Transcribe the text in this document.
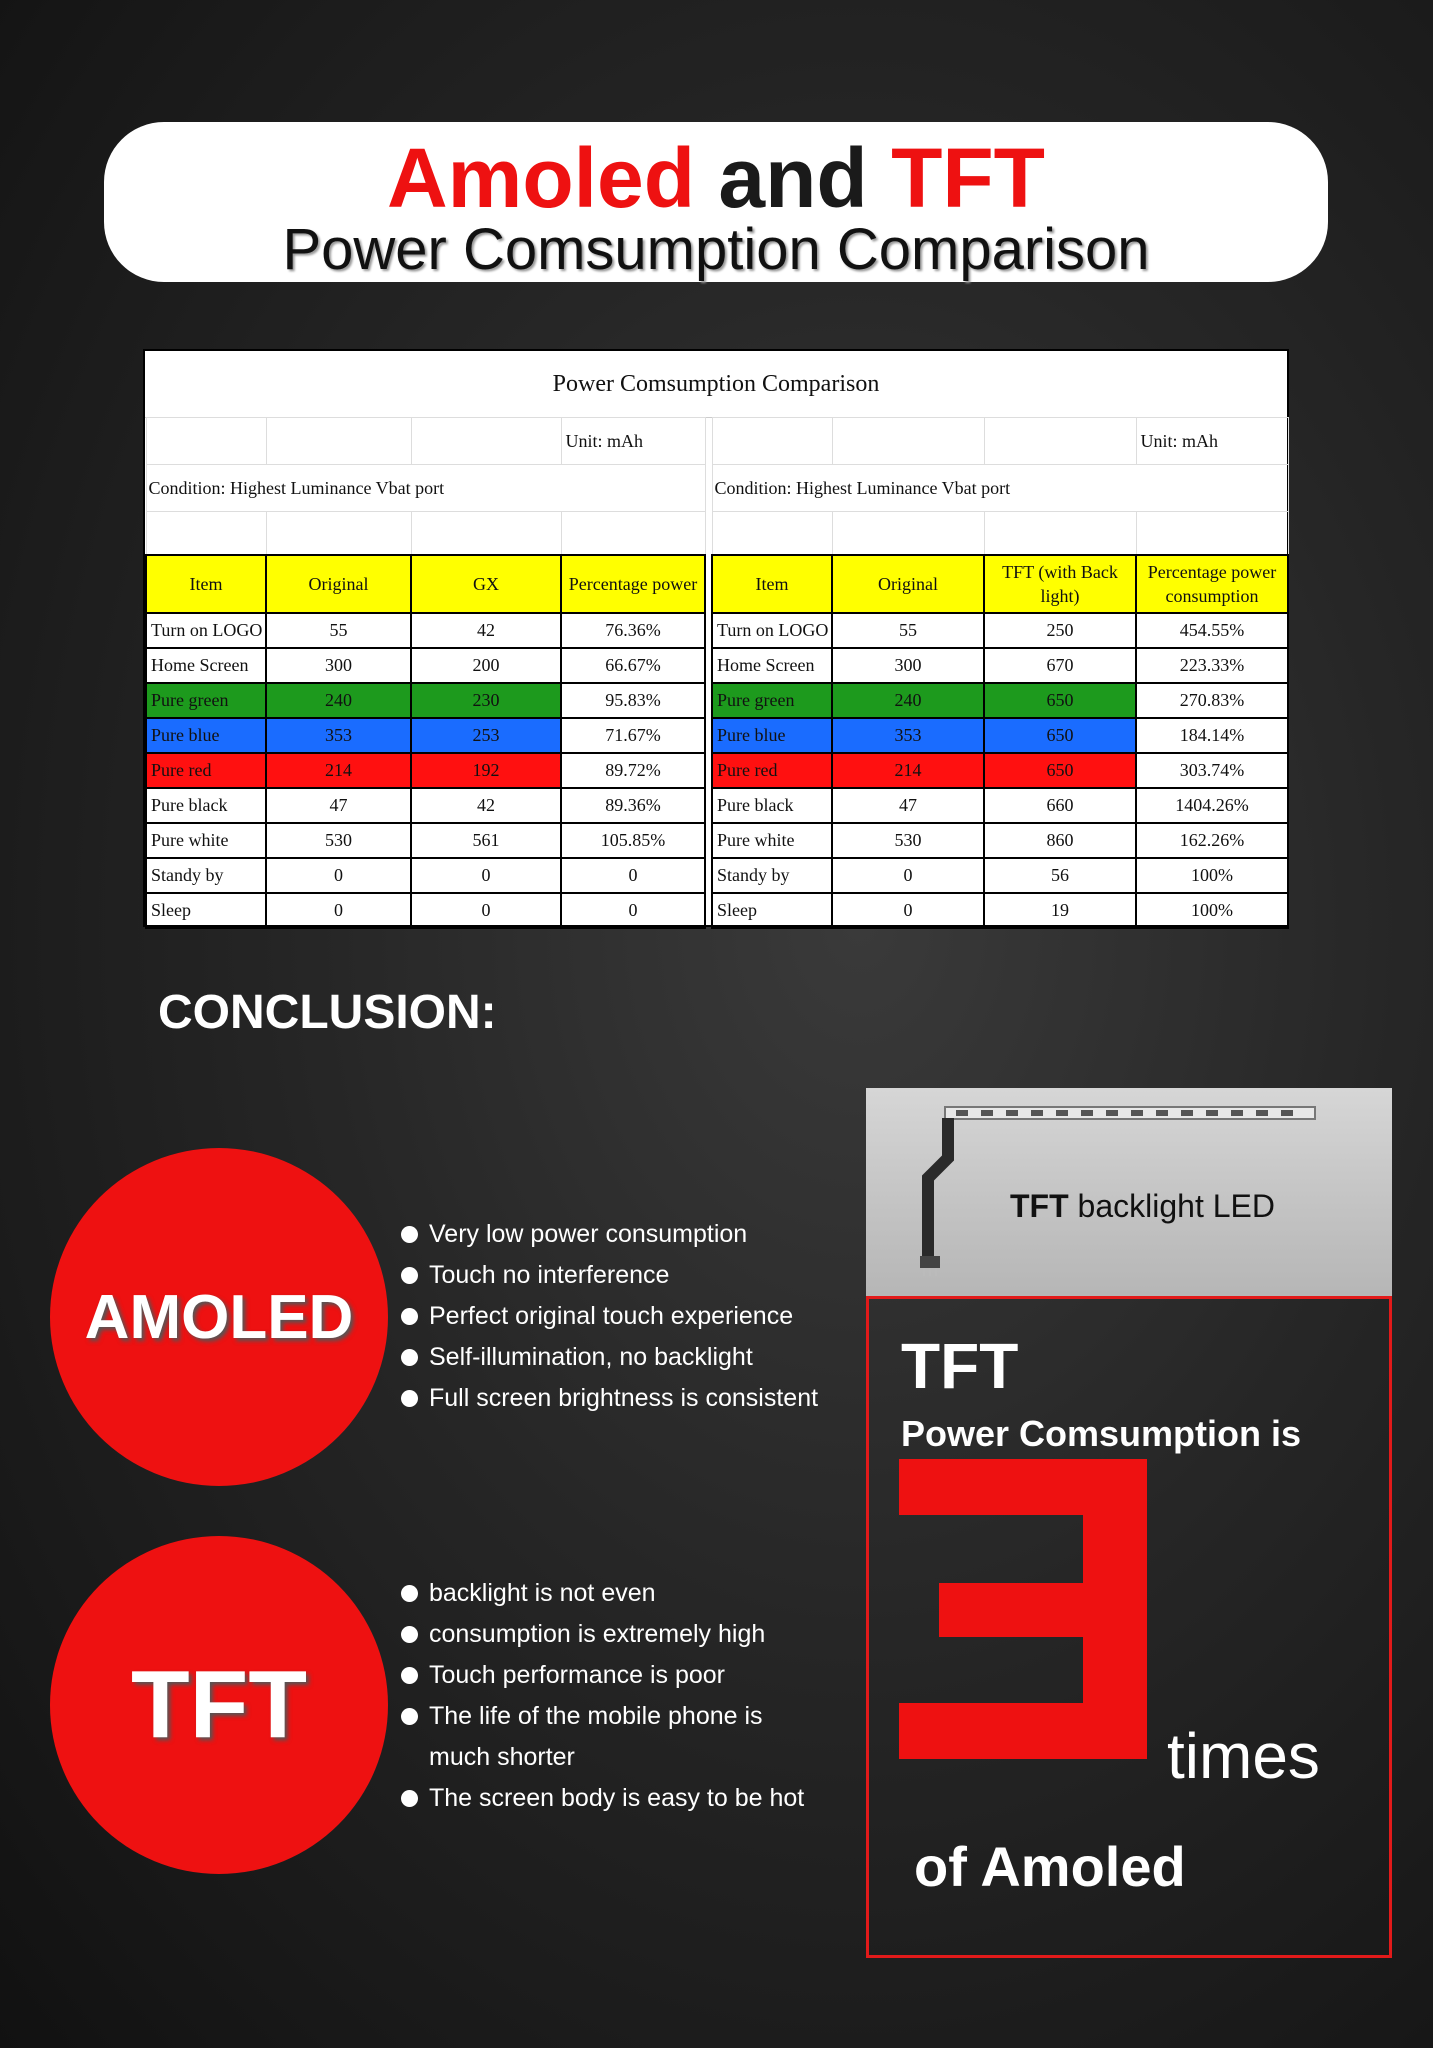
Amoled and TFT
Power Comsumption Comparison
Power Comsumption Comparison
			Unit: mAh
Condition: Highest Luminance Vbat port			

Item	Original	GX	Percentage power
Turn on LOGO	55	42	76.36%
Home Screen	300	200	66.67%
Pure green	240	230	95.83%
Pure blue	353	253	71.67%
Pure red	214	192	89.72%
Pure black	47	42	89.36%
Pure white	530	561	105.85%
Standy by	0	0	0
Sleep	0	0	0
			Unit: mAh
Condition: Highest Luminance Vbat port			

Item	Original	TFT (with Back light)	Percentage power consumption
Turn on LOGO	55	250	454.55%
Home Screen	300	670	223.33%
Pure green	240	650	270.83%
Pure blue	353	650	184.14%
Pure red	214	650	303.74%
Pure black	47	660	1404.26%
Pure white	530	860	162.26%
Standy by	0	56	100%
Sleep	0	19	100%
CONCLUSION:
AMOLED
Very low power consumption
Touch no interference
Perfect original touch experience
Self-illumination, no backlight
Full screen brightness is consistent
TFT
backlight is not even
consumption is extremely high
Touch performance is poor
The life of the mobile phone is
much shorter
The screen body is easy to be hot
TFT backlight LED
TFT
Power Comsumption is
times
of Amoled
